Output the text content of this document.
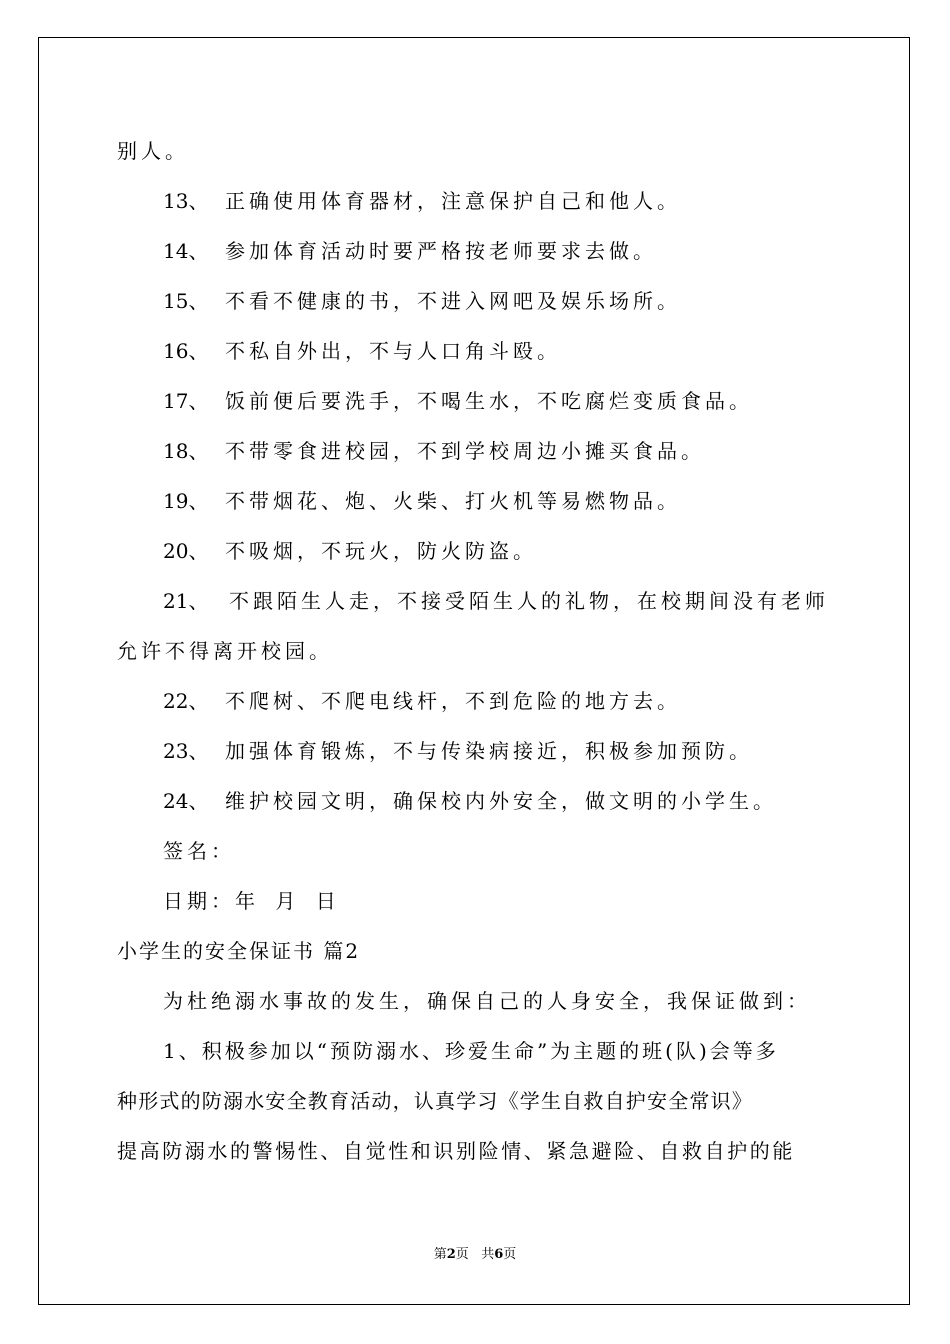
别人。
13、 正确使用体育器材，注意保护自己和他人。
14、 参加体育活动时要严格按老师要求去做。
15、 不看不健康的书，不进入网吧及娱乐场所。
16、 不私自外出，不与人口角斗殴。
17、 饭前便后要洗手，不喝生水，不吃腐烂变质食品。
18、 不带零食进校园，不到学校周边小摊买食品。
19、 不带烟花、炮、火柴、打火机等易燃物品。
20、 不吸烟，不玩火，防火防盗。
21、 不跟陌生人走，不接受陌生人的礼物，在校期间没有老师
允许不得离开校园。
22、 不爬树、不爬电线杆，不到危险的地方去。
23、 加强体育锻炼，不与传染病接近，积极参加预防。
24、 维护校园文明，确保校内外安全，做文明的小学生。
签名：
日期：年 月 日
小学生的安全保证书 篇2
为杜绝溺水事故的发生，确保自己的人身安全，我保证做到：
1、积极参加以“预防溺水、珍爱生命”为主题的班(队)会等多
种形式的防溺水安全教育活动，认真学习《学生自救自护安全常识》
提高防溺水的警惕性、自觉性和识别险情、紧急避险、自救自护的能
第2页 共6页
